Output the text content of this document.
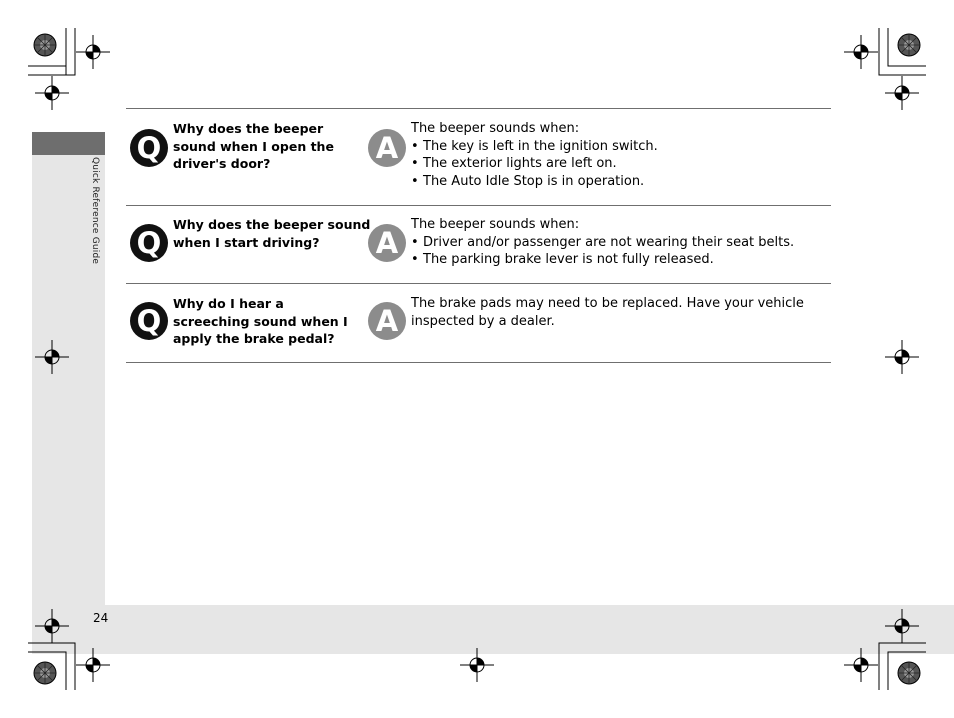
Quick Reference Guide
24
Q
Why does the beeper sound when I open the driver's door?	A
The beeper sounds when:
• The key is left in the ignition switch.
• The exterior lights are left on.
• The Auto Idle Stop is in operation.
Q
Why does the beeper sound when I start driving?	A
The beeper sounds when:
• Driver and/or passenger are not wearing their seat belts.
• The parking brake lever is not fully released.
Q
Why do I hear a screeching sound when I apply the brake pedal?
A
The brake pads may need to be replaced. Have your vehicle inspected by a dealer.
